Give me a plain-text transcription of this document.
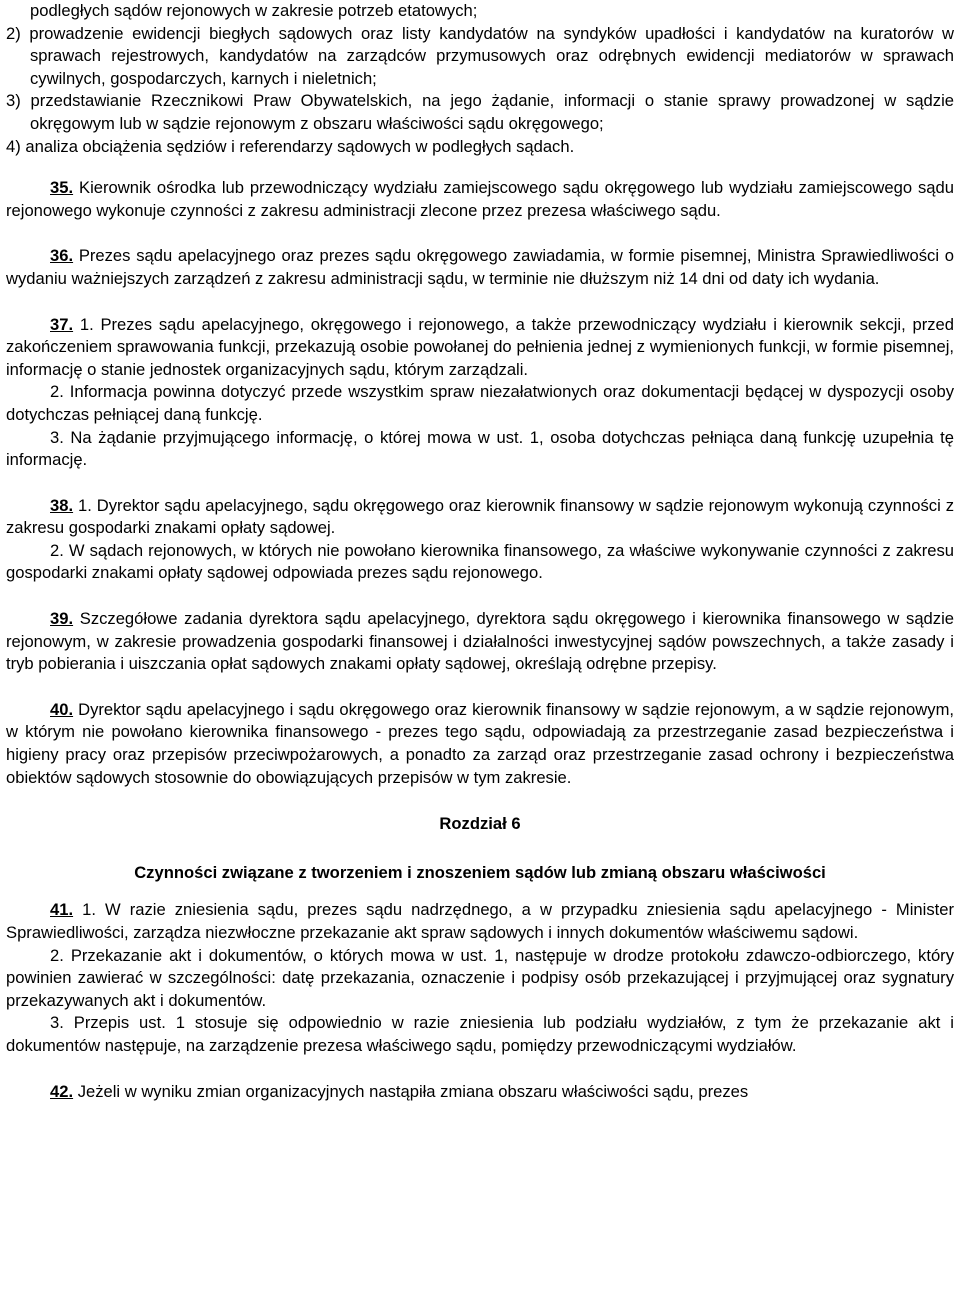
podległych sądów rejonowych w zakresie potrzeb etatowych;

2) prowadzenie ewidencji biegłych sądowych oraz listy kandydatów na syndyków upadłości i kandydatów na kuratorów w sprawach rejestrowych, kandydatów na zarządców przymusowych oraz odrębnych ewidencji mediatorów w sprawach cywilnych, gospodarczych, karnych i nieletnich;

3) przedstawianie Rzecznikowi Praw Obywatelskich, na jego żądanie, informacji o stanie sprawy prowadzonej w sądzie okręgowym lub w sądzie rejonowym z obszaru właściwości sądu okręgowego;

4) analiza obciążenia sędziów i referendarzy sądowych w podległych sądach.

35. Kierownik ośrodka lub przewodniczący wydziału zamiejscowego sądu okręgowego lub wydziału zamiejscowego sądu rejonowego wykonuje czynności z zakresu administracji zlecone przez prezesa właściwego sądu.

36. Prezes sądu apelacyjnego oraz prezes sądu okręgowego zawiadamia, w formie pisemnej, Ministra Sprawiedliwości o wydaniu ważniejszych zarządzeń z zakresu administracji sądu, w terminie nie dłuższym niż 14 dni od daty ich wydania.

37. 1. Prezes sądu apelacyjnego, okręgowego i rejonowego, a także przewodniczący wydziału i kierownik sekcji, przed zakończeniem sprawowania funkcji, przekazują osobie powołanej do pełnienia jednej z wymienionych funkcji, w formie pisemnej, informację o stanie jednostek organizacyjnych sądu, którym zarządzali.

2. Informacja powinna dotyczyć przede wszystkim spraw niezałatwionych oraz dokumentacji będącej w dyspozycji osoby dotychczas pełniącej daną funkcję.

3. Na żądanie przyjmującego informację, o której mowa w ust. 1, osoba dotychczas pełniąca daną funkcję uzupełnia tę informację.

38. 1. Dyrektor sądu apelacyjnego, sądu okręgowego oraz kierownik finansowy w sądzie rejonowym wykonują czynności z zakresu gospodarki znakami opłaty sądowej.

2. W sądach rejonowych, w których nie powołano kierownika finansowego, za właściwe wykonywanie czynności z zakresu gospodarki znakami opłaty sądowej odpowiada prezes sądu rejonowego.

39. Szczegółowe zadania dyrektora sądu apelacyjnego, dyrektora sądu okręgowego i kierownika finansowego w sądzie rejonowym, w zakresie prowadzenia gospodarki finansowej i działalności inwestycyjnej sądów powszechnych, a także zasady i tryb pobierania i uiszczania opłat sądowych znakami opłaty sądowej, określają odrębne przepisy.

40. Dyrektor sądu apelacyjnego i sądu okręgowego oraz kierownik finansowy w sądzie rejonowym, a w sądzie rejonowym, w którym nie powołano kierownika finansowego - prezes tego sądu, odpowiadają za przestrzeganie zasad bezpieczeństwa i higieny pracy oraz przepisów przeciwpożarowych, a ponadto za zarząd oraz przestrzeganie zasad ochrony i bezpieczeństwa obiektów sądowych stosownie do obowiązujących przepisów w tym zakresie.

Rozdział 6

Czynności związane z tworzeniem i znoszeniem sądów lub zmianą obszaru właściwości

41. 1. W razie zniesienia sądu, prezes sądu nadrzędnego, a w przypadku zniesienia sądu apelacyjnego - Minister Sprawiedliwości, zarządza niezwłoczne przekazanie akt spraw sądowych i innych dokumentów właściwemu sądowi.

2. Przekazanie akt i dokumentów, o których mowa w ust. 1, następuje w drodze protokołu zdawczo-odbiorczego, który powinien zawierać w szczególności: datę przekazania, oznaczenie i podpisy osób przekazującej i przyjmującej oraz sygnatury przekazywanych akt i dokumentów.

3. Przepis ust. 1 stosuje się odpowiednio w razie zniesienia lub podziału wydziałów, z tym że przekazanie akt i dokumentów następuje, na zarządzenie prezesa właściwego sądu, pomiędzy przewodniczącymi wydziałów.

42. Jeżeli w wyniku zmian organizacyjnych nastąpiła zmiana obszaru właściwości sądu, prezes
